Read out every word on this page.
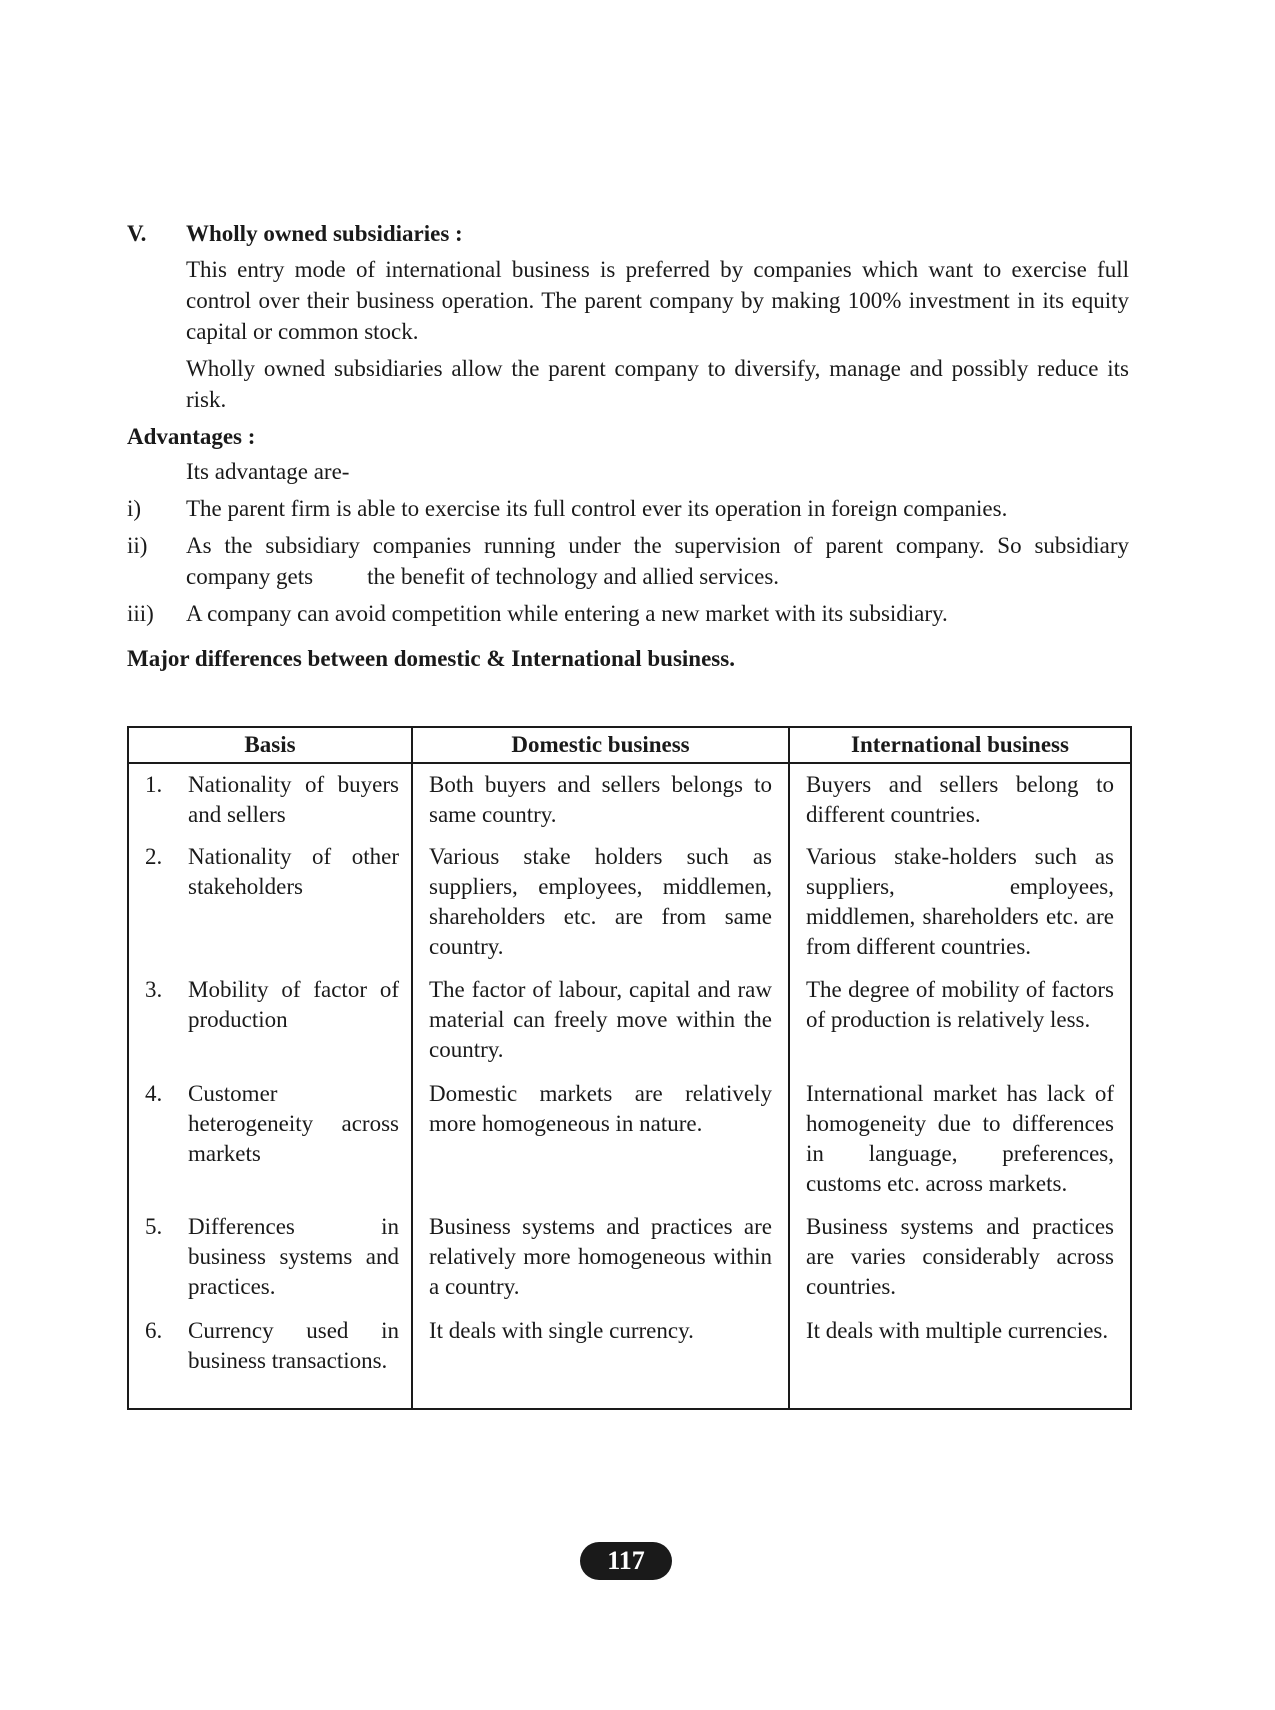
V. Wholly owned subsidiaries :
This entry mode of international business is preferred by companies which want to exercise full control over their business operation. The parent company by making 100% investment in its equity capital or common stock.
Wholly owned subsidiaries allow the parent company to diversify, manage and possibly reduce its risk.
Advantages :
Its advantage are-
i) The parent firm is able to exercise its full control ever its operation in foreign companies.
ii) As the subsidiary companies running under the supervision of parent company. So subsidiary company gets the benefit of technology and allied services.
iii) A company can avoid competition while entering a new market with its subsidiary.
Major differences between domestic & International business.
Basis	Domestic business	International business

1. Nationality of buyers and sellers	Both buyers and sellers belongs to same country.	Buyers and sellers belong to different countries.

2. Nationality of other stakeholders	Various stake holders such as suppliers, employees, middlemen, shareholders etc. are from same country.	Various stake-holders such as suppliers, employees, middlemen, shareholders etc. are from different countries.

3. Mobility of factor of production	The factor of labour, capital and raw material can freely move within the country.	The degree of mobility of factors of production is relatively less.

4. Customer heterogeneity across markets	Domestic markets are relatively more homogeneous in nature.	International market has lack of homogeneity due to differences in language, preferences, customs etc. across markets.

5. Differences in business systems and practices.	Business systems and practices are relatively more homogeneous within a country.	Business systems and practices are varies considerably across countries.

6. Currency used in business transactions.	It deals with single currency.	It deals with multiple currencies.
117
